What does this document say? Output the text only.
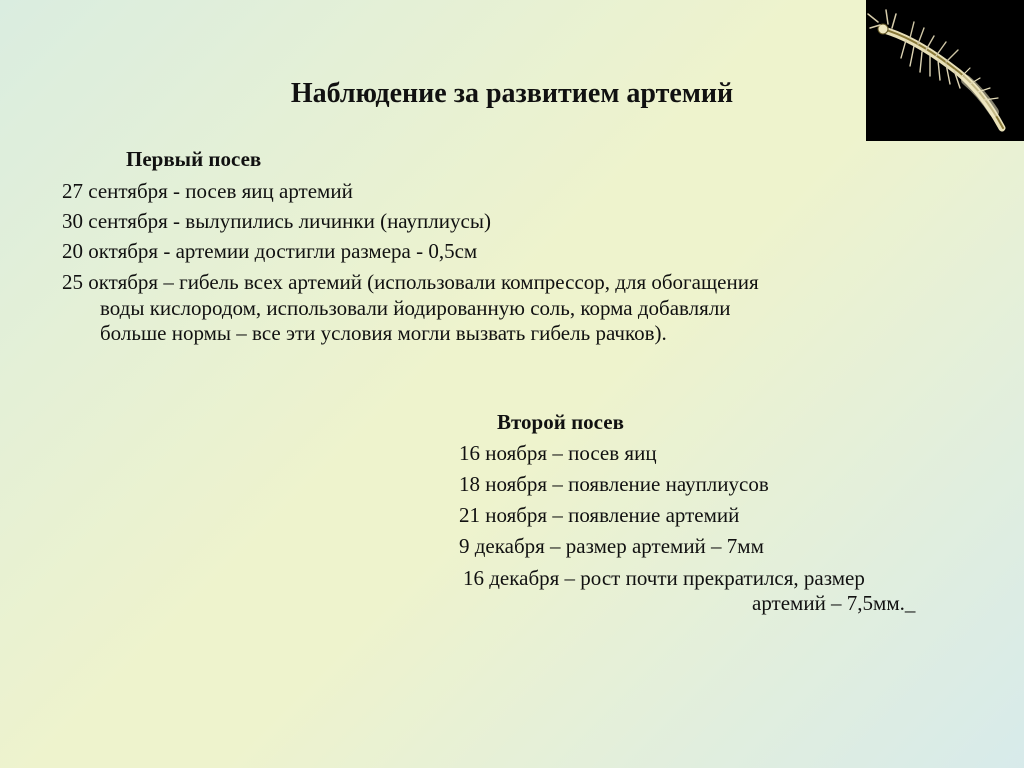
Наблюдение за развитием артемий
Первый посев
27 сентября - посев яиц артемий
30 сентября - вылупились личинки (науплиусы)
20 октября - артемии достигли размера - 0,5см
25 октября – гибель всех артемий (использовали компрессор, для обогащения
воды кислородом, использовали йодированную соль, корма добавляли
больше нормы – все эти условия могли вызвать гибель рачков).
Второй посев
16 ноября – посев яиц
18 ноября – появление науплиусов
21 ноября – появление артемий
9 декабря – размер артемий – 7мм
16 декабря – рост почти прекратился, размер
артемий – 7,5мм._
